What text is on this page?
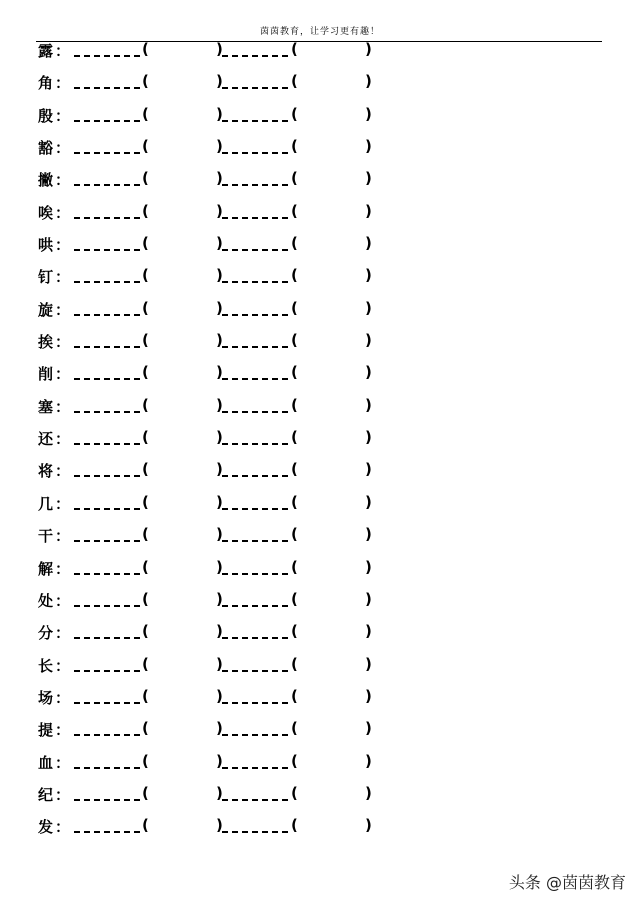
茵茵教育，让学习更有趣！
露 ：	(	)	(	)
角 ：	(	)	(	)
殷 ：	(	)	(	)
豁 ：	(	)	(	)
撇 ：	(	)	(	)
唉 ：	(	)	(	)
哄 ：	(	)	(	)
钉 ：	(	)	(	)
旋 ：	(	)	(	)
挨 ：	(	)	(	)
削 ：	(	)	(	)
塞 ：	(	)	(	)
还 ：	(	)	(	)
将 ：	(	)	(	)
几 ：	(	)	(	)
干 ：	(	)	(	)
解 ：	(	)	(	)
处 ：	(	)	(	)
分 ：	(	)	(	)
长 ：	(	)	(	)
场 ：	(	)	(	)
提 ：	(	)	(	)
血 ：	(	)	(	)
纪 ：	(	)	(	)
发 ：	(	)	(	)
头条 @茵茵教育
